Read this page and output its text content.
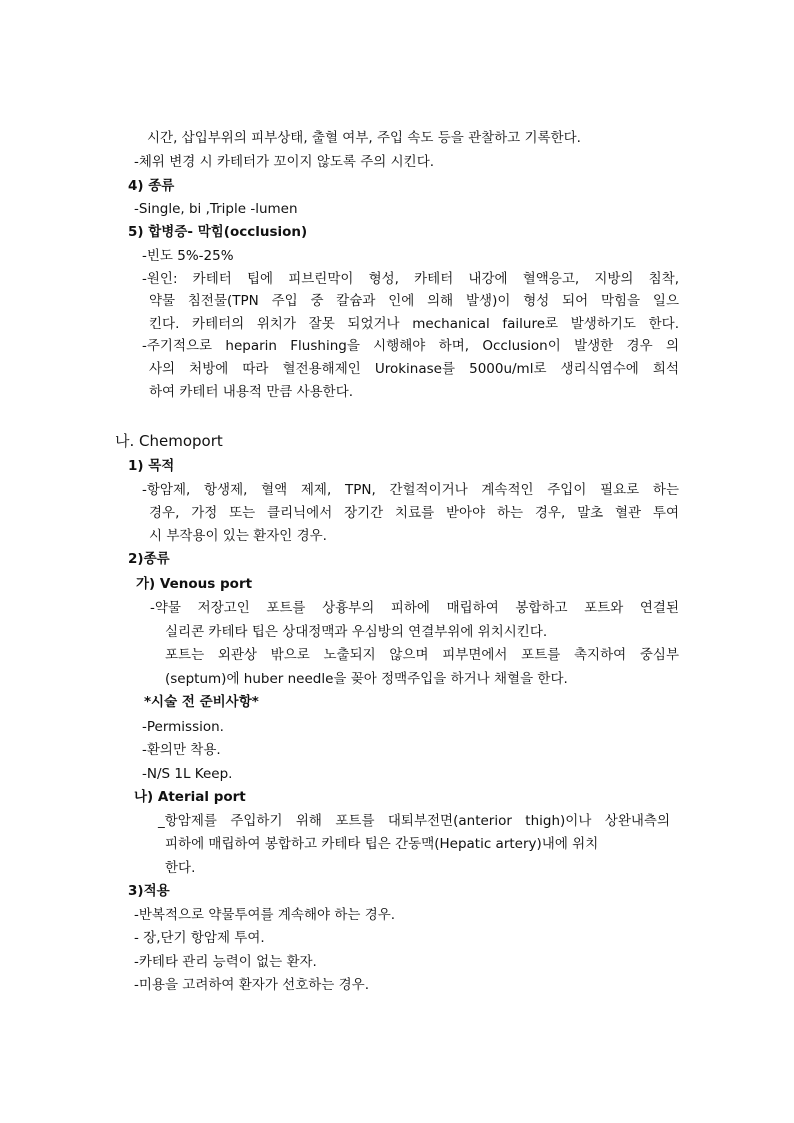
시간, 삽입부위의 피부상태, 출혈 여부, 주입 속도 등을 관찰하고 기록한다.
-체위 변경 시 카테터가 꼬이지 않도록 주의 시킨다.
4) 종류
-Single, bi ,Triple -lumen
5) 합병증- 막힘(occlusion)
-빈도 5%-25%
-원인: 카테터 팁에 피브린막이 형성, 카테터 내강에 혈액응고, 지방의 침착,
약물 침전물(TPN 주입 중 칼슘과 인에 의해 발생)이 형성 되어 막힘을 일으
킨다. 카테터의 위치가 잘못 되었거나 mechanical failure로 발생하기도 한다.
-주기적으로 heparin Flushing을 시행해야 하며, Occlusion이 발생한 경우 의
사의 처방에 따라 혈전용해제인 Urokinase를 5000u/ml로 생리식염수에 희석
하여 카테터 내용적 만큼 사용한다.
나. Chemoport
1) 목적
-항암제, 항생제, 혈액 제제, TPN, 간헐적이거나 계속적인 주입이 필요로 하는
경우, 가정 또는 클리닉에서 장기간 치료를 받아야 하는 경우, 말초 혈관 투여
시 부작용이 있는 환자인 경우.
2)종류
가) Venous port
-약물 저장고인 포트를 상흉부의 피하에 매립하여 봉합하고 포트와 연결된
실리콘 카테타 팁은 상대정맥과 우심방의 연결부위에 위치시킨다.
포트는 외관상 밖으로 노출되지 않으며 피부면에서 포트를 촉지하여 중심부
(septum)에 huber needle을 꽂아 정맥주입을 하거나 채혈을 한다.
*시술 전 준비사항*
-Permission.
-환의만 착용.
-N/S 1L Keep.
나) Aterial port
_항암제를 주입하기 위해 포트를 대퇴부전면(anterior thigh)이나 상완내측의
피하에 매립하여 봉합하고 카테타 팁은 간동맥(Hepatic artery)내에 위치
한다.
3)적용
-반복적으로 약물투여를 계속해야 하는 경우.
- 장,단기 항암제 투여.
-카테타 관리 능력이 없는 환자.
-미용을 고려하여 환자가 선호하는 경우.
